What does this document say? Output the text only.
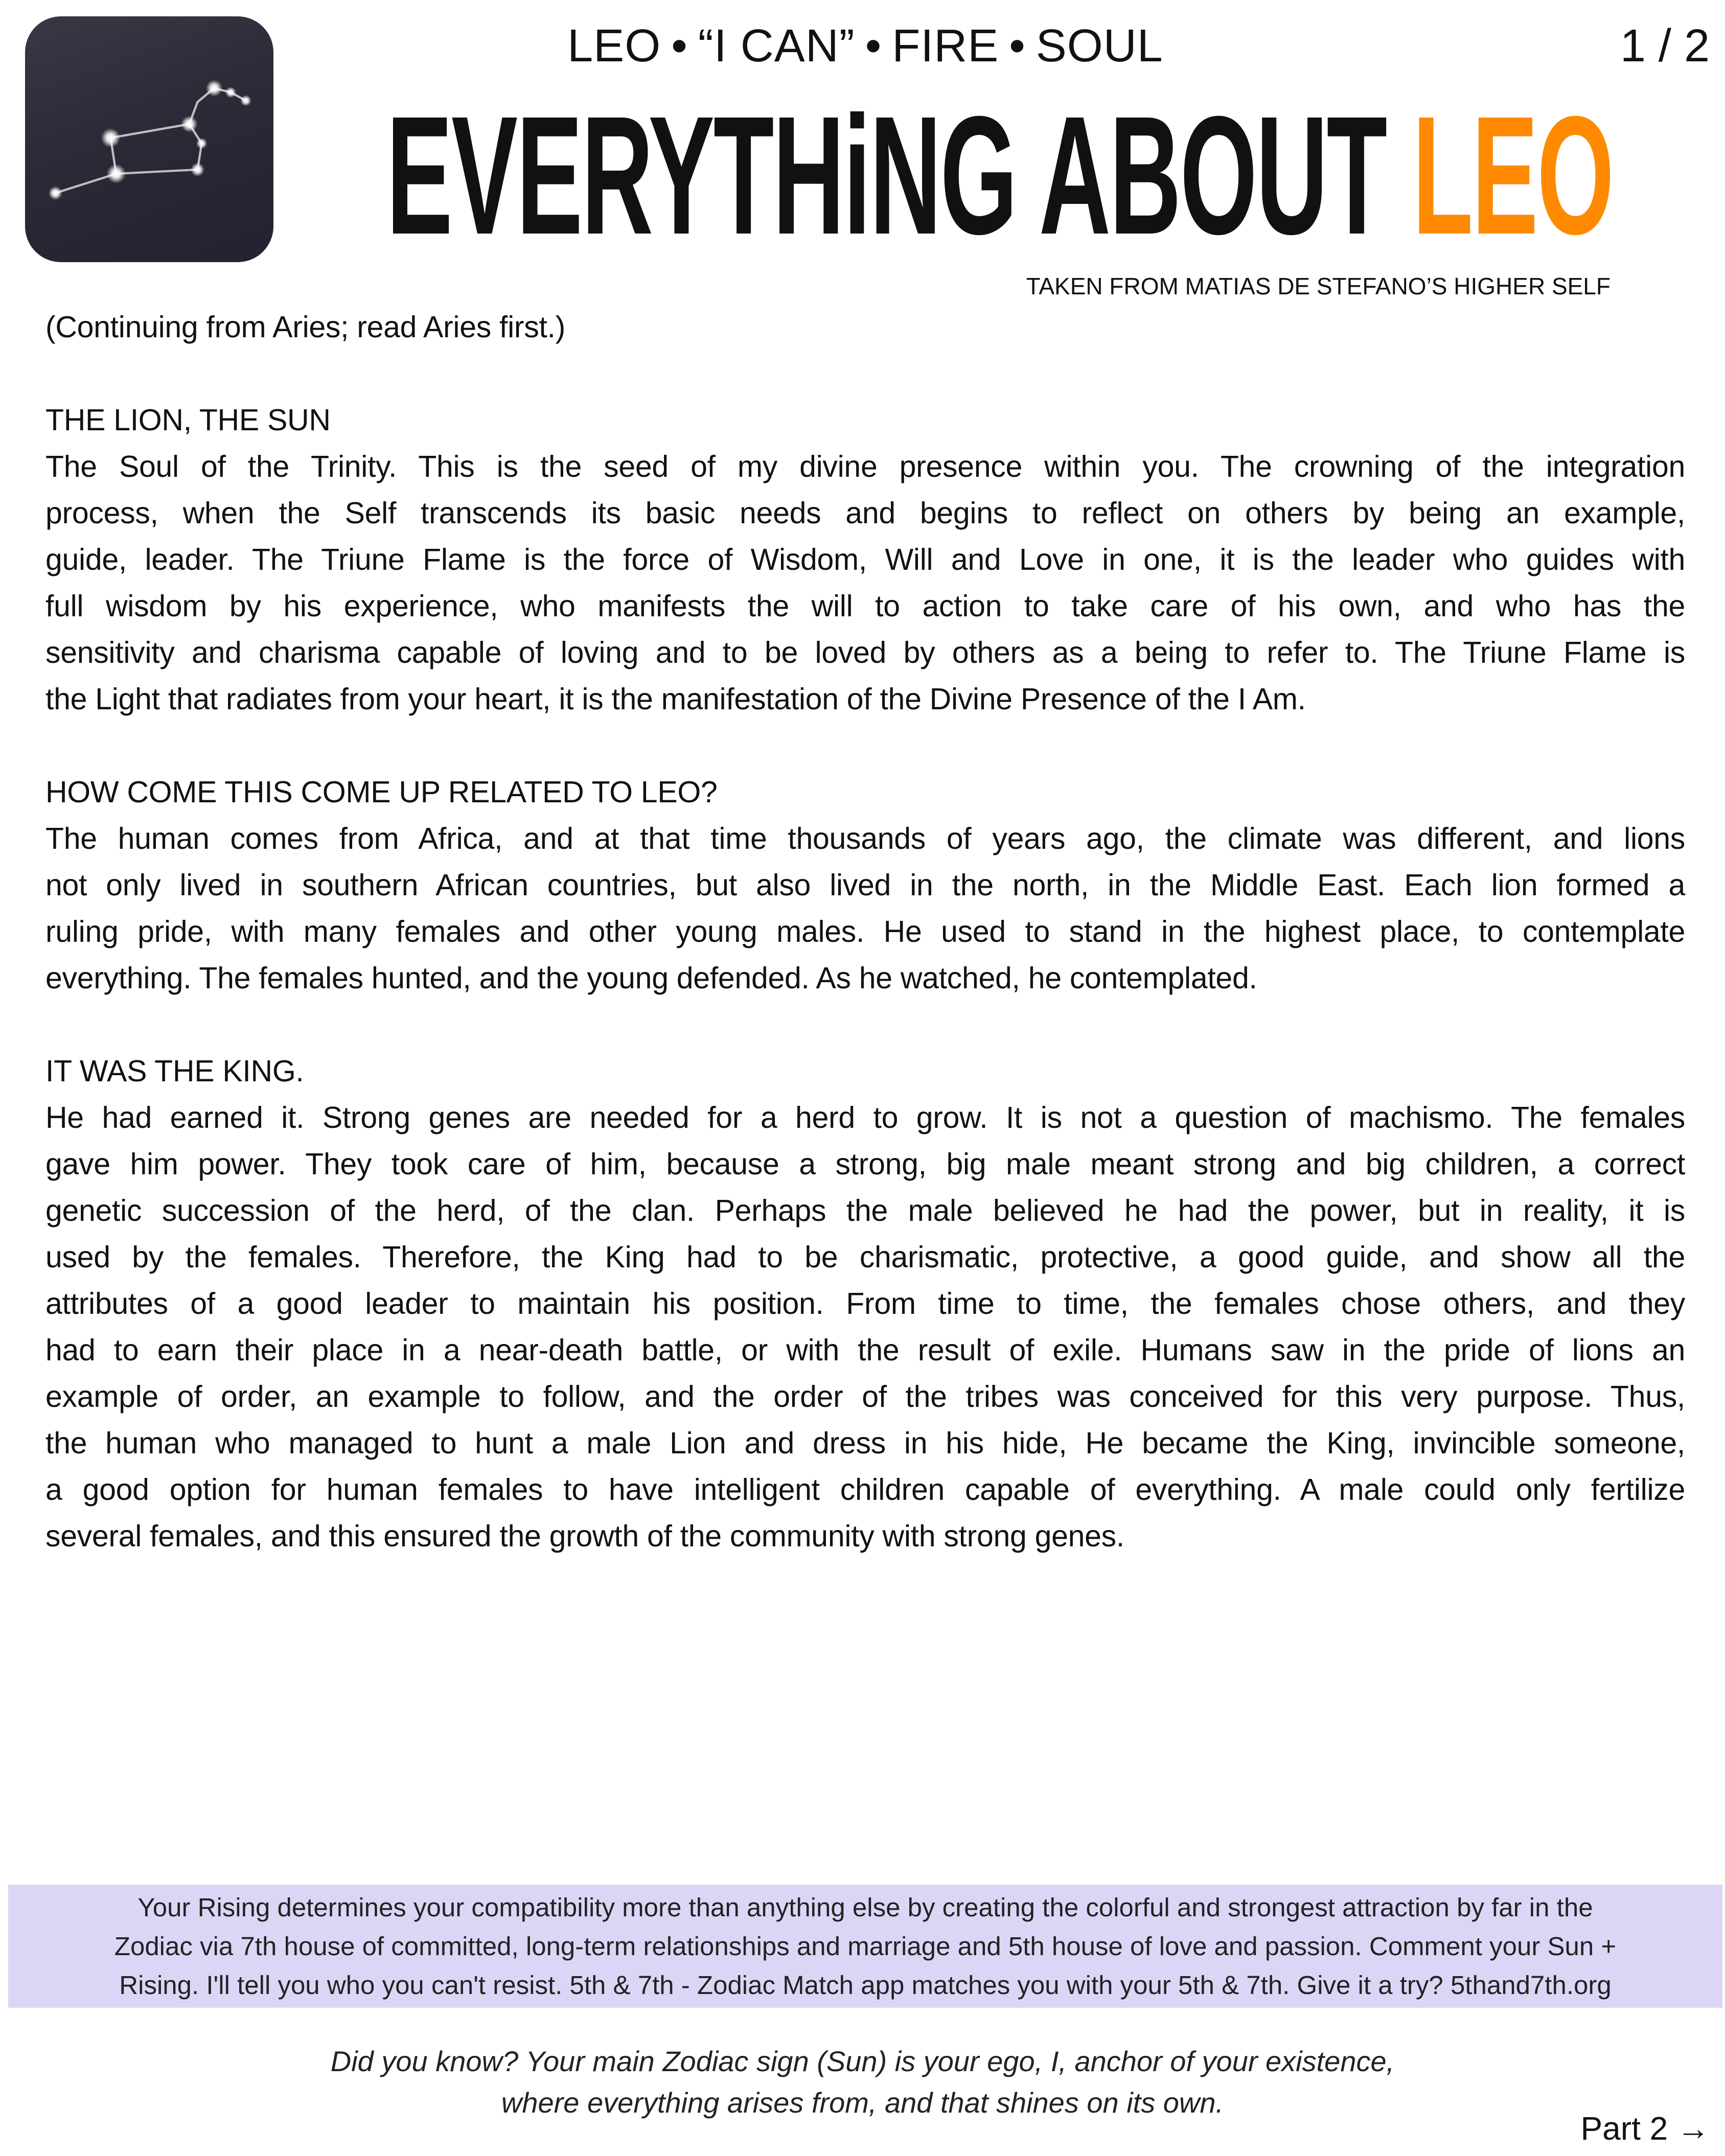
LEO • “I CAN” • FIRE • SOUL	1 / 2
EVERYTHiNG ABOUT LEO
TAKEN FROM MATIAS DE STEFANO’S HIGHER SELF
(Continuing from Aries; read Aries first.)
THE LION, THE SUN
The Soul of the Trinity. This is the seed of my divine presence within you. The crowning of the integration
process, when the Self transcends its basic needs and begins to reflect on others by being an example,
guide, leader. The Triune Flame is the force of Wisdom, Will and Love in one, it is the leader who guides with
full wisdom by his experience, who manifests the will to action to take care of his own, and who has the
sensitivity and charisma capable of loving and to be loved by others as a being to refer to. The Triune Flame is
the Light that radiates from your heart, it is the manifestation of the Divine Presence of the I Am.
HOW COME THIS COME UP RELATED TO LEO?
The human comes from Africa, and at that time thousands of years ago, the climate was different, and lions
not only lived in southern African countries, but also lived in the north, in the Middle East. Each lion formed a
ruling pride, with many females and other young males. He used to stand in the highest place, to contemplate
everything. The females hunted, and the young defended. As he watched, he contemplated.
IT WAS THE KING.
He had earned it. Strong genes are needed for a herd to grow. It is not a question of machismo. The females
gave him power. They took care of him, because a strong, big male meant strong and big children, a correct
genetic succession of the herd, of the clan. Perhaps the male believed he had the power, but in reality, it is
used by the females. Therefore, the King had to be charismatic, protective, a good guide, and show all the
attributes of a good leader to maintain his position. From time to time, the females chose others, and they
had to earn their place in a near-death battle, or with the result of exile. Humans saw in the pride of lions an
example of order, an example to follow, and the order of the tribes was conceived for this very purpose. Thus,
the human who managed to hunt a male Lion and dress in his hide, He became the King, invincible someone,
a good option for human females to have intelligent children capable of everything. A male could only fertilize
several females, and this ensured the growth of the community with strong genes.
Your Rising determines your compatibility more than anything else by creating the colorful and strongest attraction by far in the
Zodiac via 7th house of committed, long-term relationships and marriage and 5th house of love and passion. Comment your Sun +
Rising. I'll tell you who you can't resist. 5th & 7th - Zodiac Match app matches you with your 5th & 7th. Give it a try? 5thand7th.org
Did you know? Your main Zodiac sign (Sun) is your ego, I, anchor of your existence,
where everything arises from, and that shines on its own.
Part 2 →
